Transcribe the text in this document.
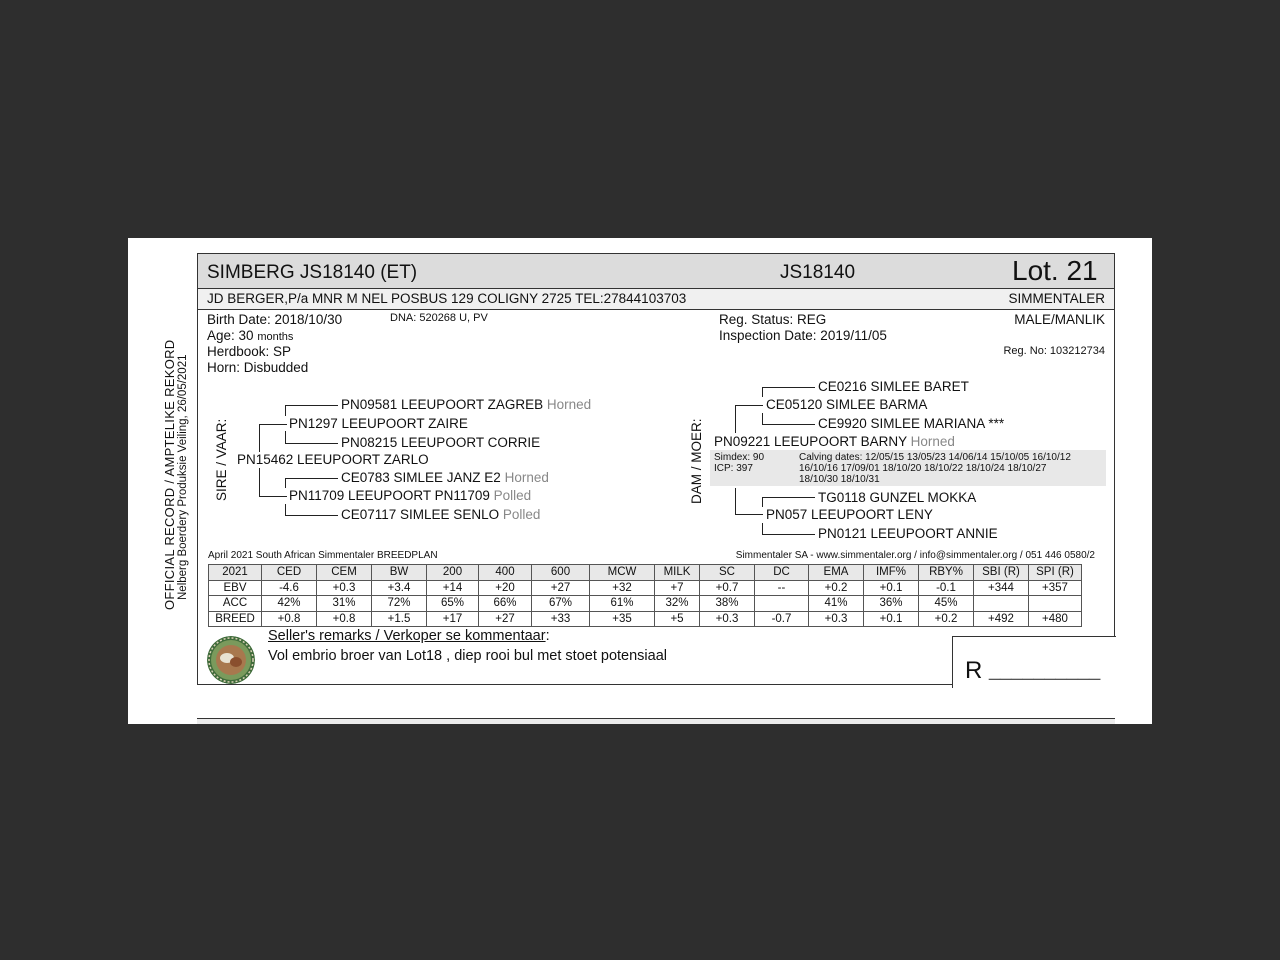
OFFICIAL RECORD / AMPTELIKE REKORD Nelberg Boerdery Produksie Veiling, 26/05/2021
SIMBERG JS18140 (ET)	JS18140	Lot. 21
JD BERGER,P/a MNR M NEL POSBUS 129 COLIGNY 2725 TEL:27844103703	SIMMENTALER
Birth Date: 2018/10/30	DNA: 520268 U, PV
Age: 30 months
Herdbook: SP
Horn: Disbudded
Reg. Status: REG
Inspection Date: 2019/11/05
MALE/MANLIK
Reg. No: 103212734
SIRE / VAAR: PN15462 LEEUPOORT ZARLO
PN1297 LEEUPOORT ZAIRE
PN11709 LEEUPOORT PN11709 Polled
PN09581 LEEUPOORT ZAGREB Horned
PN08215 LEEUPOORT CORRIE
CE0783 SIMLEE JANZ E2 Horned
CE07117 SIMLEE SENLO Polled
DAM / MOER: PN09221 LEEUPOORT BARNY Horned
CE05120 SIMLEE BARMA
CE0216 SIMLEE BARET
CE9920 SIMLEE MARIANA ***
PN057 LEEUPOORT LENY
TG0118 GUNZEL MOKKA
PN0121 LEEUPOORT ANNIE
Simdex: 90
ICP: 397
Calving dates: 12/05/15 13/05/23 14/06/14 15/10/05 16/10/12
16/10/16 17/09/01 18/10/20 18/10/22 18/10/24 18/10/27
18/10/30 18/10/31
April 2021 South African Simmentaler BREEDPLAN	Simmentaler SA - www.simmentaler.org / info@simmentaler.org / 051 446 0580/2
2021	CED	CEM	BW	200	400	600	MCW	MILK	SC	DC	EMA	IMF%	RBY%	SBI (R)	SPI (R)
EBV	-4.6	+0.3	+3.4	+14	+20	+27	+32	+7	+0.7	--	+0.2	+0.1	-0.1	+344	+357
ACC	42%	31%	72%	65%	66%	67%	61%	32%	38%		41%	36%	45%		
BREED	+0.8	+0.8	+1.5	+17	+27	+33	+35	+5	+0.3	-0.7	+0.3	+0.1	+0.2	+492	+480
Seller's remarks / Verkoper se kommentaar:
Vol embrio broer van Lot18 , diep rooi bul met stoet potensiaal
R __________
